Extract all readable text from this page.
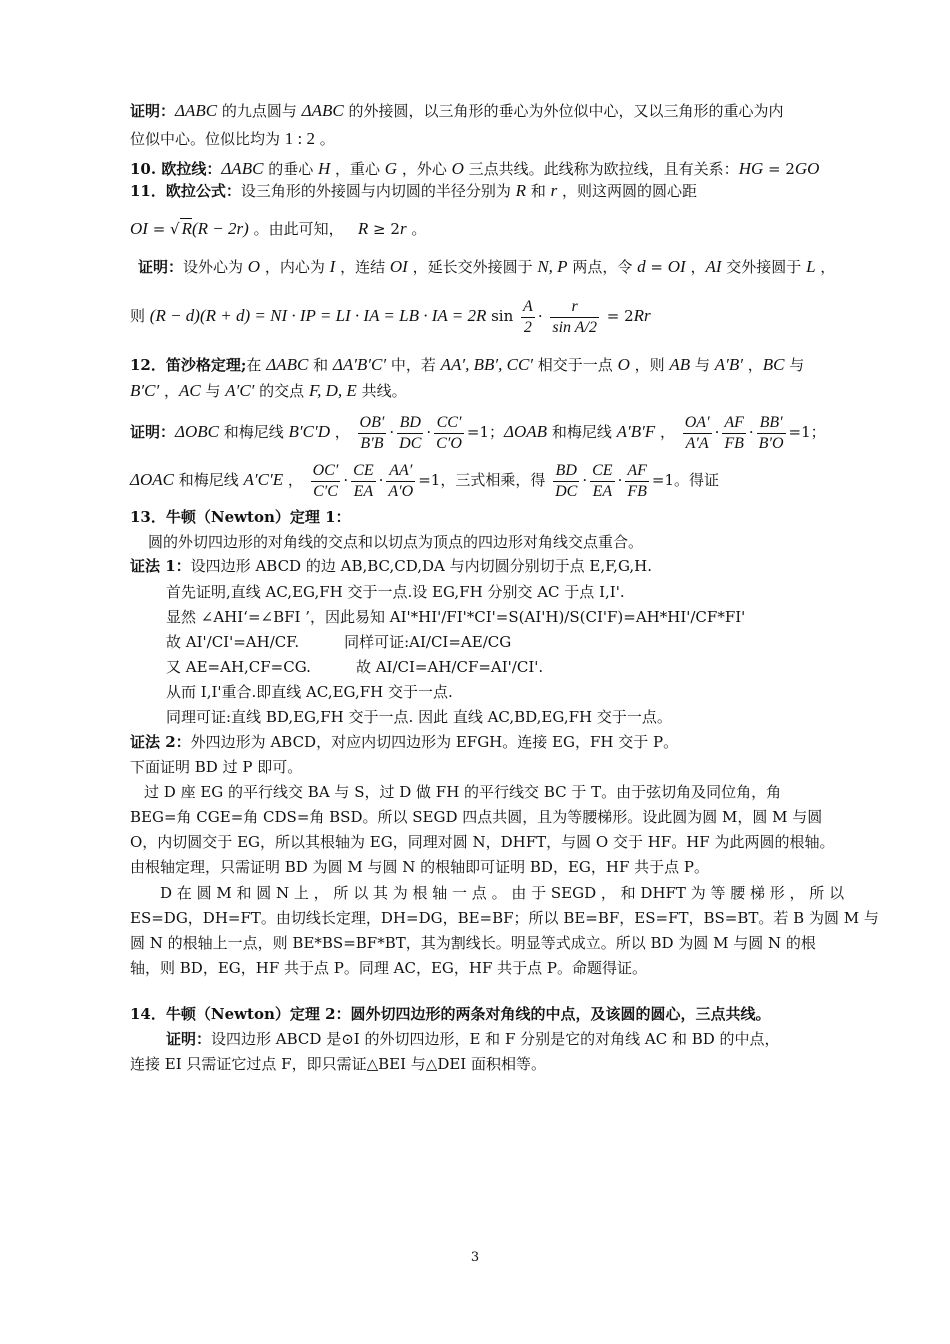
证明：ΔABC 的九点圆与 ΔABC 的外接圆，以三角形的垂心为外位似中心，又以三角形的重心为内
位似中心。位似比均为 1 : 2 。
10. 欧拉线：ΔABC 的垂心 H ，重心 G ，外心 O 三点共线。此线称为欧拉线，且有关系：HG = 2GO
11．欧拉公式：设三角形的外接圆与内切圆的半径分别为 R 和 r ，则这两圆的圆心距
OI = √ R(R − 2r) 。由此可知，   R ≥ 2r 。
证明：设外心为 O ，内心为 I ，连结 OI ，延长交外接圆于 N, P 两点，令 d = OI ，AI 交外接圆于 L ，
则 (R − d)(R + d) = NI · IP = LI · IA = LB · IA = 2R $\sin \frac{A}{2} \cdot \frac{r}{\text{sin A/2}} = 2Rr$
12．笛沙格定理;在 ΔABC 和 ΔA′B′C′ 中，若 AA′, BB′, CC′ 相交于一点 O ，则 AB 与 A′B′ ，BC 与
B′C′ ，AC 与 A′C′ 的交点 F, D, E 共线。
证明：ΔOBC 和梅尼线 B′C′D ， $\frac{OB'}{B'B} \cdot \frac{BD}{DC} \cdot \frac{CC'}{C'O} =1$；ΔOAB 和梅尼线 A′B′F ， $\frac{OA'}{A'A} \cdot \frac{AF}{FB} \cdot \frac{BB'}{B'O} =1$；
ΔOAC 和梅尼线 A′C′E ， $\frac{OC'}{C'C} \cdot \frac{CE}{EA} \cdot \frac{AA'}{A'O} =1$，三式相乘，得 $\frac{BD}{DC} \cdot \frac{CE}{EA} \cdot \frac{AF}{FB} =1$。得证
13．牛顿（Newton）定理 1：
圆的外切四边形的对角线的交点和以切点为顶点的四边形对角线交点重合。
证法 1：设四边形 ABCD 的边 AB,BC,CD,DA 与内切圆分别切于点 E,F,G,H.
首先证明,直线 AC,EG,FH 交于一点.设 EG,FH 分别交 AC 于点 I,I'.
显然 ∠AHI‘=∠BFI ’，因此易知 AI'*HI'/FI'*CI'=S(AI'H)/S(CI'F)=AH*HI'/CF*FI'
故 AI'/CI'=AH/CF.　　　同样可证:AI/CI=AE/CG
又 AE=AH,CF=CG.　　　故 AI/CI=AH/CF=AI'/CI'.
从而 I,I'重合.即直线 AC,EG,FH 交于一点.
同理可证:直线 BD,EG,FH 交于一点. 因此 直线 AC,BD,EG,FH 交于一点。
证法 2：外四边形为 ABCD，对应内切四边形为 EFGH。连接 EG，FH 交于 P。
下面证明 BD 过 P 即可。
过 D 座 EG 的平行线交 BA 与 S，过 D 做 FH 的平行线交 BC 于 T。由于弦切角及同位角，角
BEG=角 CGE=角 CDS=角 BSD。所以 SEGD 四点共圆，且为等腰梯形。设此圆为圆 M，圆 M 与圆
O，内切圆交于 EG，所以其根轴为 EG，同理对圆 N，DHFT，与圆 O 交于 HF。HF 为此两圆的根轴。
由根轴定理，只需证明 BD 为圆 M 与圆 N 的根轴即可证明 BD，EG，HF 共于点 P。
D 在 圆 M 和 圆 N 上 ， 所 以 其 为 根 轴 一 点 。 由 于 SEGD ， 和 DHFT 为 等 腰 梯 形 ， 所 以
ES=DG，DH=FT。由切线长定理，DH=DG，BE=BF；所以 BE=BF，ES=FT，BS=BT。若 B 为圆 M 与
圆 N 的根轴上一点，则 BE*BS=BF*BT，其为割线长。明显等式成立。所以 BD 为圆 M 与圆 N 的根
轴，则 BD，EG，HF 共于点 P。同理 AC，EG，HF 共于点 P。命题得证。
14．牛顿（Newton）定理 2：圆外切四边形的两条对角线的中点，及该圆的圆心，三点共线。
证明：设四边形 ABCD 是⊙I 的外切四边形，E 和 F 分别是它的对角线 AC 和 BD 的中点，
连接 EI 只需证它过点 F，即只需证△BEI 与△DEI 面积相等。
3
